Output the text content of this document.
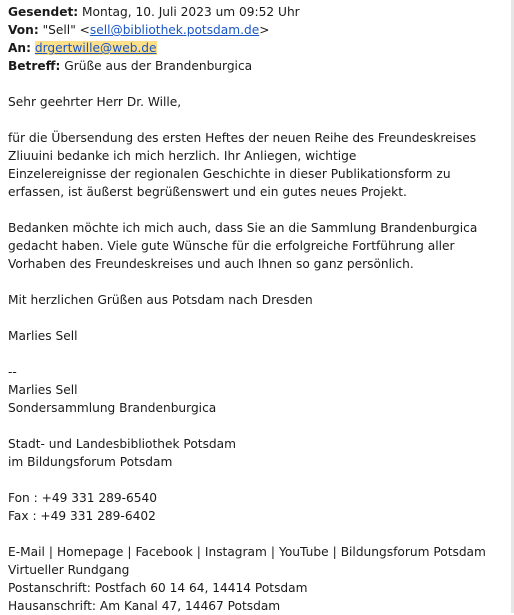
Gesendet: Montag, 10. Juli 2023 um 09:52 Uhr
Von: "Sell" <sell@bibliothek.potsdam.de>
An: drgertwille@web.de
Betreff: Grüße aus der Brandenburgica
Sehr geehrter Herr Dr. Wille,
für die Übersendung des ersten Heftes der neuen Reihe des Freundeskreises
Zliuuini bedanke ich mich herzlich. Ihr Anliegen, wichtige
Einzelereignisse der regionalen Geschichte in dieser Publikationsform zu
erfassen, ist äußerst begrüßenswert und ein gutes neues Projekt.
Bedanken möchte ich mich auch, dass Sie an die Sammlung Brandenburgica
gedacht haben. Viele gute Wünsche für die erfolgreiche Fortführung aller
Vorhaben des Freundeskreises und auch Ihnen so ganz persönlich.
Mit herzlichen Grüßen aus Potsdam nach Dresden
Marlies Sell
--
Marlies Sell
Sondersammlung Brandenburgica
Stadt- und Landesbibliothek Potsdam
im Bildungsforum Potsdam
Fon : +49 331 289-6540
Fax : +49 331 289-6402
E-Mail | Homepage | Facebook | Instagram | YouTube | Bildungsforum Potsdam
Virtueller Rundgang
Postanschrift: Postfach 60 14 64, 14414 Potsdam
Hausanschrift: Am Kanal 47, 14467 Potsdam
